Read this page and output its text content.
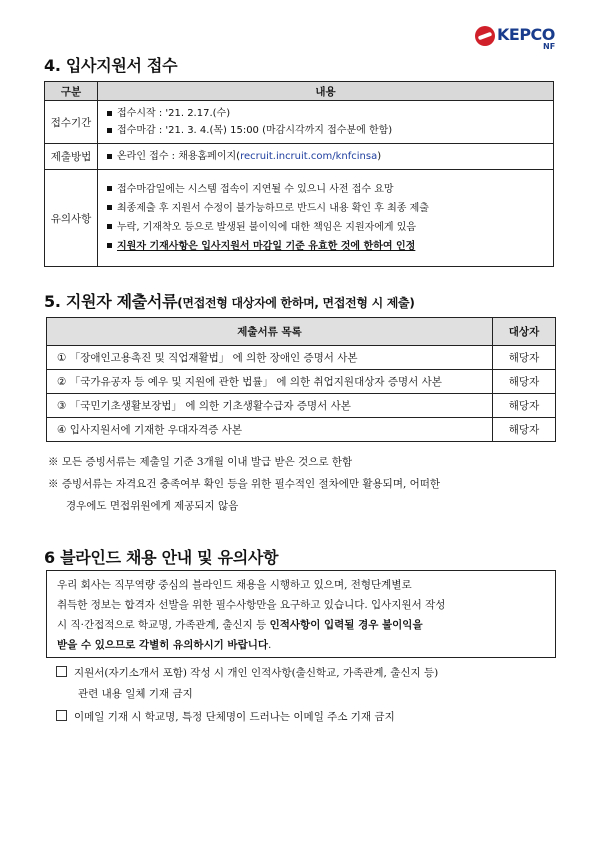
KEPCO
NF
4. 입사지원서 접수
구분	내용
접수기간	접수시작 : '21. 2.17.(수)
접수마감 : '21. 3. 4.(목) 15:00 (마감시각까지 접수분에 한함)

제출방법	온라인 접수 : 채용홈페이지(recruit.incruit.com/knfcinsa)

유의사항	접수마감일에는 시스템 접속이 지연될 수 있으니 사전 접수 요망
최종제출 후 지원서 수정이 불가능하므로 반드시 내용 확인 후 최종 제출
누락, 기재착오 등으로 발생된 불이익에 대한 책임은 지원자에게 있음
지원자 기재사항은 입사지원서 마감일 기준 유효한 것에 한하여 인정
5. 지원자 제출서류(면접전형 대상자에 한하며, 면접전형 시 제출)
제출서류 목록	대상자
① 「장애인고용촉진 및 직업재활법」 에 의한 장애인 증명서 사본	해당자
② 「국가유공자 등 예우 및 지원에 관한 법률」 에 의한 취업지원대상자 증명서 사본	해당자
③ 「국민기초생활보장법」 에 의한 기초생활수급자 증명서 사본	해당자
④ 입사지원서에 기재한 우대자격증 사본	해당자
※ 모든 증빙서류는 제출일 기준 3개월 이내 발급 받은 것으로 한함
※ 증빙서류는 자격요건 충족여부 확인 등을 위한 필수적인 절차에만 활용되며, 어떠한
경우에도 면접위원에게 제공되지 않음
6 블라인드 채용 안내 및 유의사항
우리 회사는 직무역량 중심의 블라인드 채용을 시행하고 있으며, 전형단계별로
취득한 정보는 합격자 선발을 위한 필수사항만을 요구하고 있습니다. 입사지원서 작성
시 직·간접적으로 학교명, 가족관계, 출신지 등 인적사항이 입력될 경우 불이익을
받을 수 있으므로 각별히 유의하시기 바랍니다.
지원서(자기소개서 포함) 작성 시 개인 인적사항(출신학교, 가족관계, 출신지 등)
관련 내용 일체 기재 금지
이메일 기재 시 학교명, 특정 단체명이 드러나는 이메일 주소 기재 금지
